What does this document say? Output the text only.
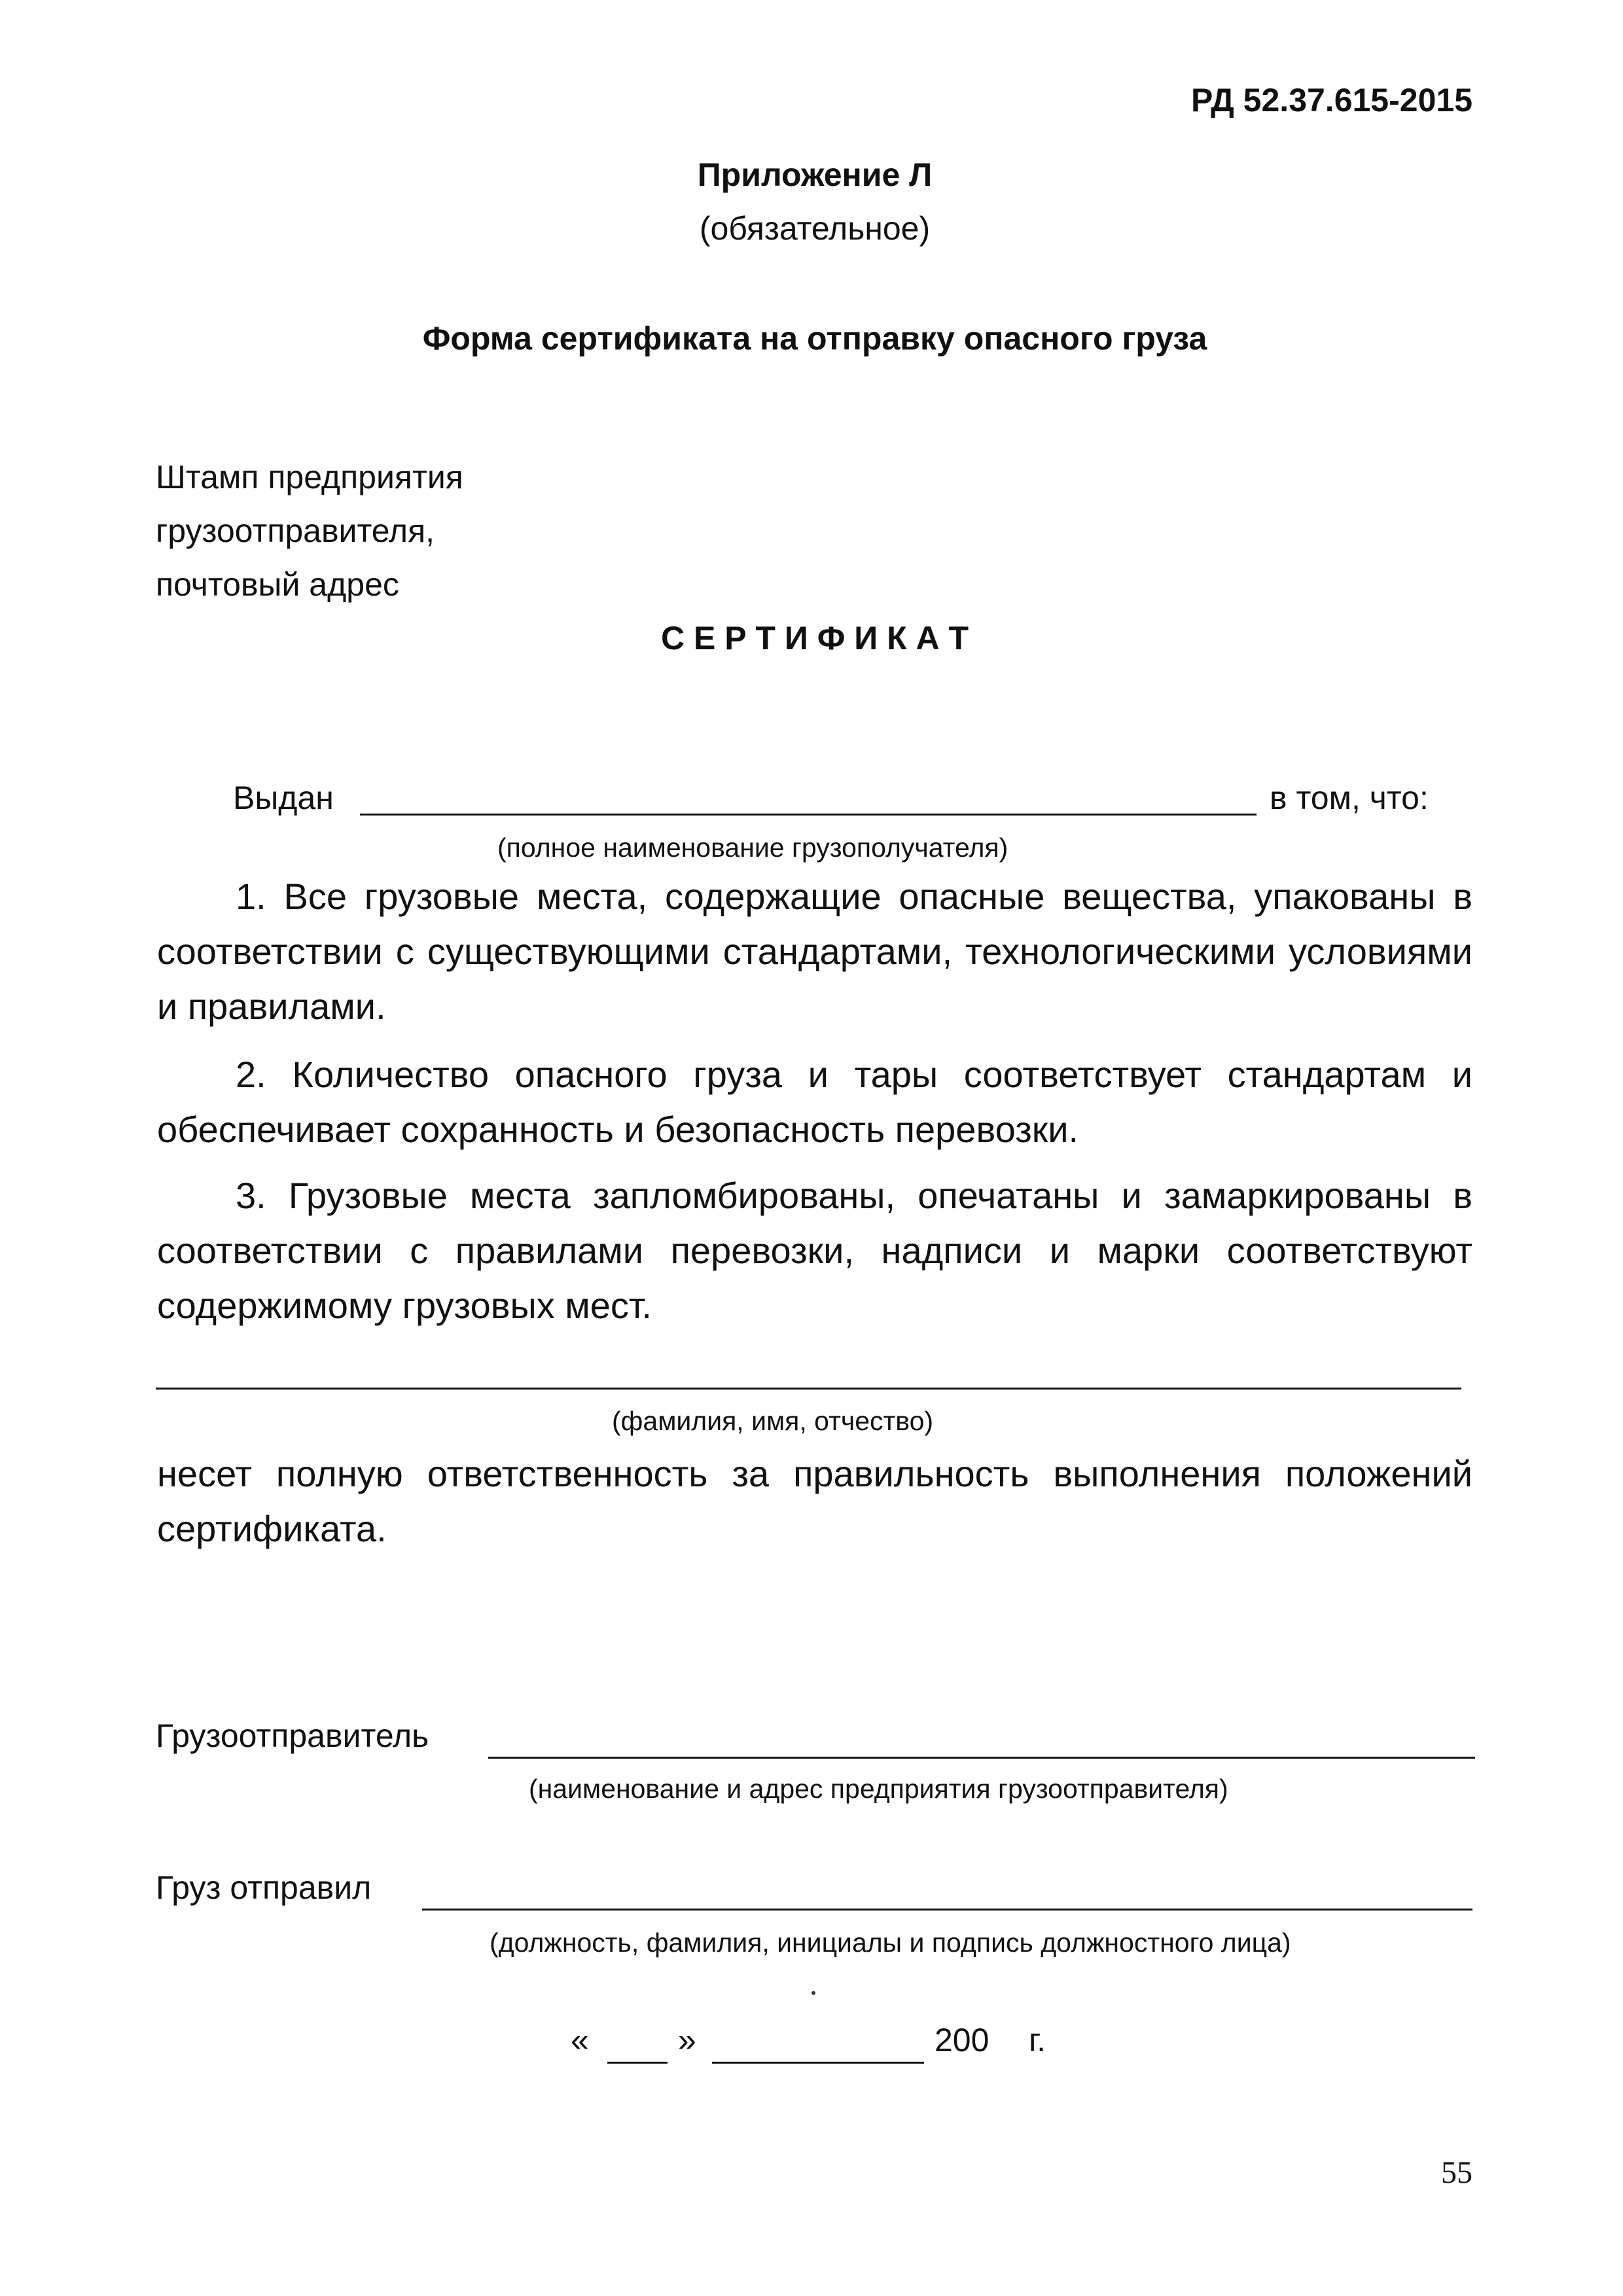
РД 52.37.615-2015
Приложение Л
(обязательное)
Форма сертификата на отправку опасного груза
Штамп предприятия
грузоотправителя,
почтовый адрес
С Е Р Т И Ф И К А Т
Выдан	в том, что:
(полное наименование грузополучателя)
1. Все грузовые места, содержащие опасные вещества, упакованы в соответствии с существующими стандартами, технологическими условиями и правилами.
2. Количество опасного груза и тары соответствует стандартам и обеспечивает сохранность и безопасность перевозки.
3. Грузовые места запломбированы, опечатаны и замаркированы в соответствии с правилами перевозки, надписи и марки соответствуют содержимому грузовых мест.
(фамилия, имя, отчество)
несет полную ответственность за правильность выполнения положений сертификата.
Грузоотправитель
(наименование и адрес предприятия грузоотправителя)
Груз отправил
(должность, фамилия, инициалы и подпись должностного лица)
«	»	200 г.
55
